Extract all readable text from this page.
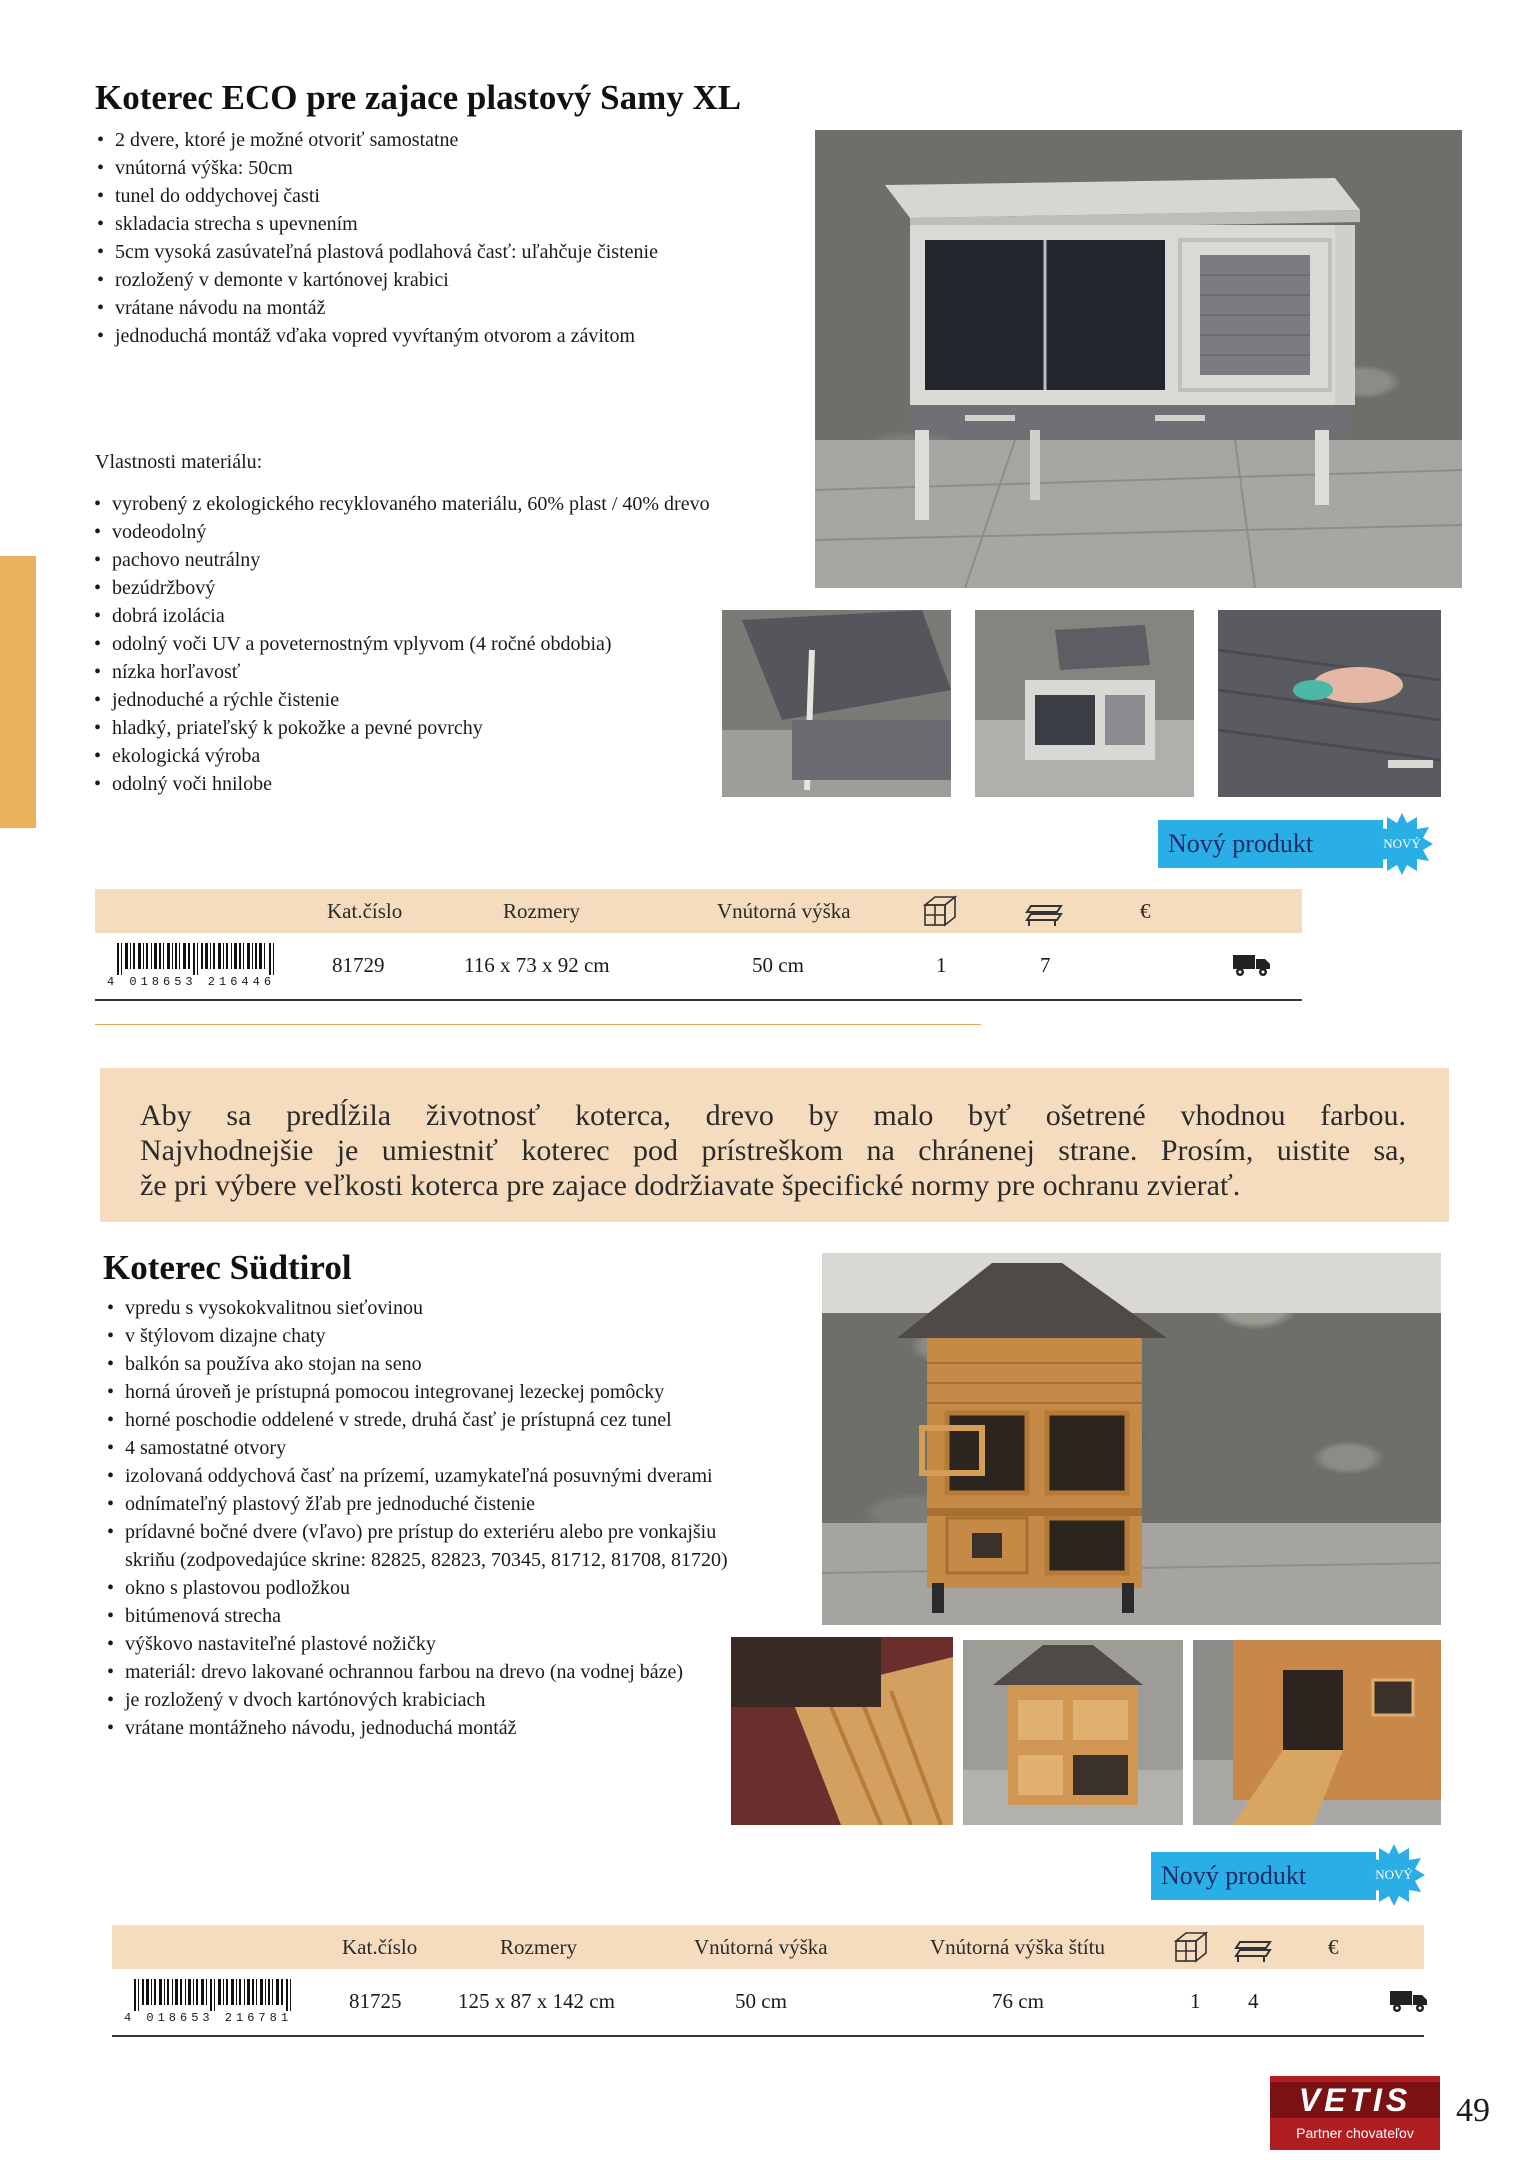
Koterec ECO pre zajace plastový Samy XL
• 2 dvere, ktoré je možné otvoriť samostatne
• vnútorná výška: 50cm
• tunel do oddychovej časti
• skladacia strecha s upevnením
• 5cm vysoká zasúvateľná plastová podlahová časť: uľahčuje čistenie
• rozložený v demonte v kartónovej krabici
• vrátane návodu na montáž
• jednoduchá montáž vďaka vopred vyvŕtaným otvorom a závitom
Vlastnosti materiálu:
• vyrobený z ekologického recyklovaného materiálu, 60% plast / 40% drevo
• vodeodolný
• pachovo neutrálny
• bezúdržbový
• dobrá izolácia
• odolný voči UV a poveternostným vplyvom (4 ročné obdobia)
• nízka horľavosť
• jednoduché a rýchle čistenie
• hladký, priateľský k pokožke a pevné povrchy
• ekologická výroba
• odolný voči hnilobe
Nový produkt	NOVÝ
Kat.číslo	Rozmery	Vnútorná výška	€
4 018653 216446
81729	116 x 73 x 92 cm	50 cm	1	7
Aby sa predĺžila životnosť koterca, drevo by malo byť ošetrené vhodnou farbou.
Najvhodnejšie je umiestniť koterec pod prístreškom na chránenej strane. Prosím, uistite sa,
že pri výbere veľkosti koterca pre zajace dodržiavate špecifické normy pre ochranu zvierať.
Koterec Südtirol
• vpredu s vysokokvalitnou sieťovinou
• v štýlovom dizajne chaty
• balkón sa používa ako stojan na seno
• horná úroveň je prístupná pomocou integrovanej lezeckej pomôcky
• horné poschodie oddelené v strede, druhá časť je prístupná cez tunel
• 4 samostatné otvory
• izolovaná oddychová časť na prízemí, uzamykateľná posuvnými dverami
• odnímateľný plastový žľab pre jednoduché čistenie
• prídavné bočné dvere (vľavo) pre prístup do exteriéru alebo pre vonkajšiu skriňu (zodpovedajúce skrine: 82825, 82823, 70345, 81712, 81708, 81720)
• okno s plastovou podložkou
• bitúmenová strecha
• výškovo nastaviteľné plastové nožičky
• materiál: drevo lakované ochrannou farbou na drevo (na vodnej báze)
• je rozložený v dvoch kartónových krabiciach
• vrátane montážneho návodu, jednoduchá montáž
Nový produkt	NOVÝ
Kat.číslo	Rozmery	Vnútorná výška	Vnútorná výška štítu	€
4 018653 216781
81725	125 x 87 x 142 cm	50 cm	76 cm	1 4
VETIS
Partner chovateľov
49
